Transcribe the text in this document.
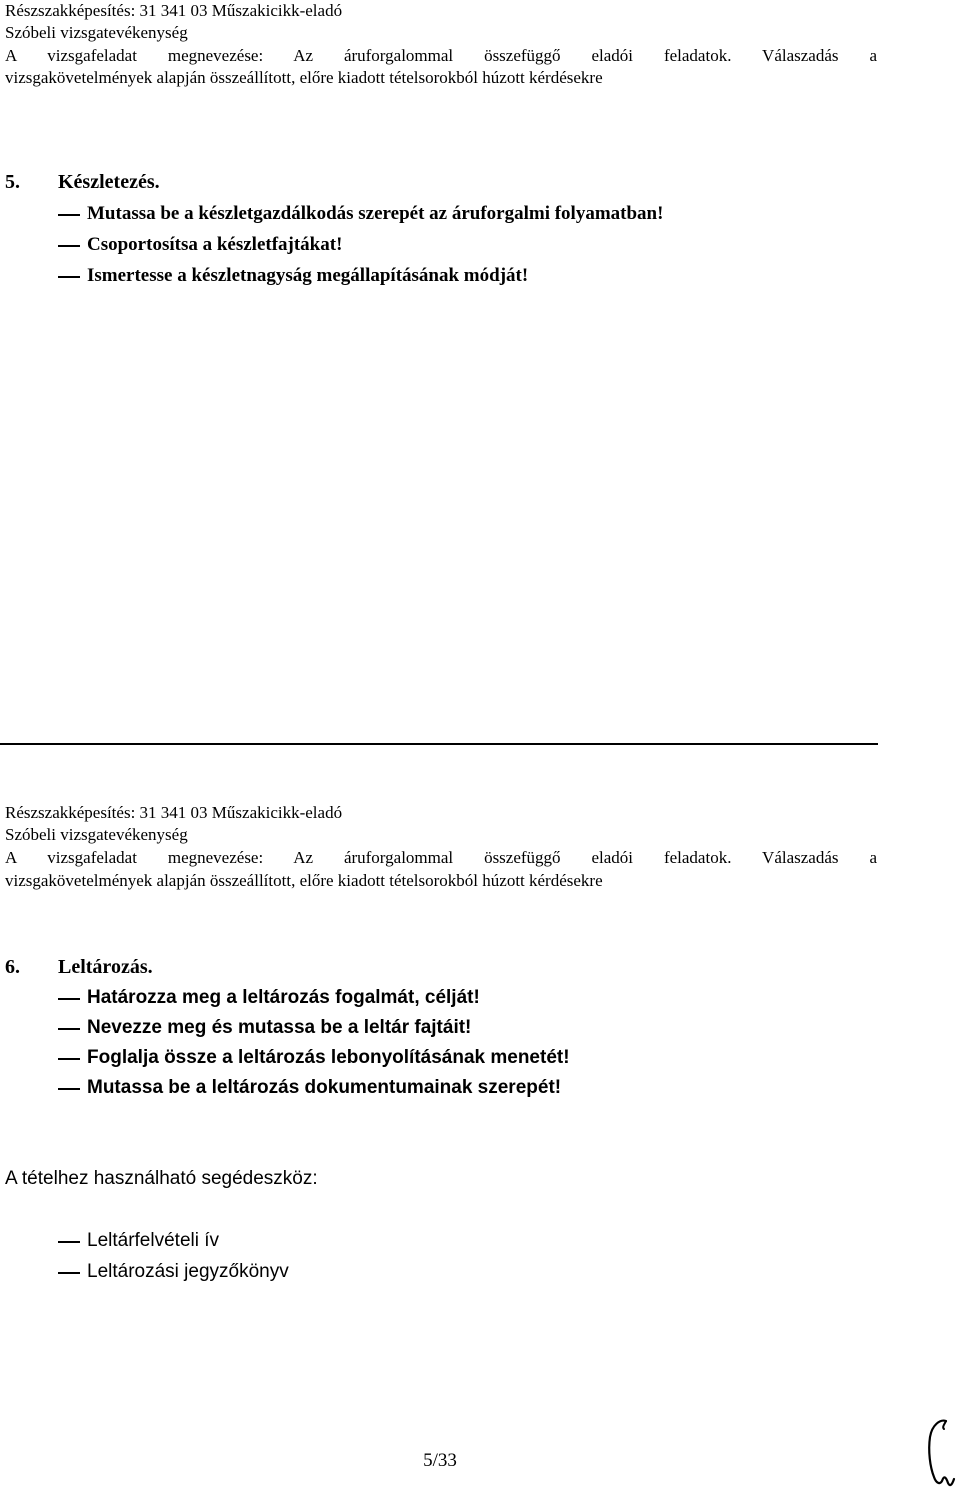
Részszakképesítés: 31 341 03 Műszakicikk-eladó
Szóbeli vizsgatevékenység
A vizsgafeladat megnevezése: Az áruforgalommal összefüggő eladói feladatok. Válaszadás a
vizsgakövetelmények alapján összeállított, előre kiadott tételsorokból húzott kérdésekre
5. Készletezés.
Mutassa be a készletgazdálkodás szerepét az áruforgalmi folyamatban!
Csoportosítsa a készletfajtákat!
Ismertesse a készletnagyság megállapításának módját!
Részszakképesítés: 31 341 03 Műszakicikk-eladó
Szóbeli vizsgatevékenység
A vizsgafeladat megnevezése: Az áruforgalommal összefüggő eladói feladatok. Válaszadás a
vizsgakövetelmények alapján összeállított, előre kiadott tételsorokból húzott kérdésekre
6. Leltározás.
Határozza meg a leltározás fogalmát, célját!
Nevezze meg és mutassa be a leltár fajtáit!
Foglalja össze a leltározás lebonyolításának menetét!
Mutassa be a leltározás dokumentumainak szerepét!
A tételhez használható segédeszköz:
Leltárfelvételi ív
Leltározási jegyzőkönyv
5/33
